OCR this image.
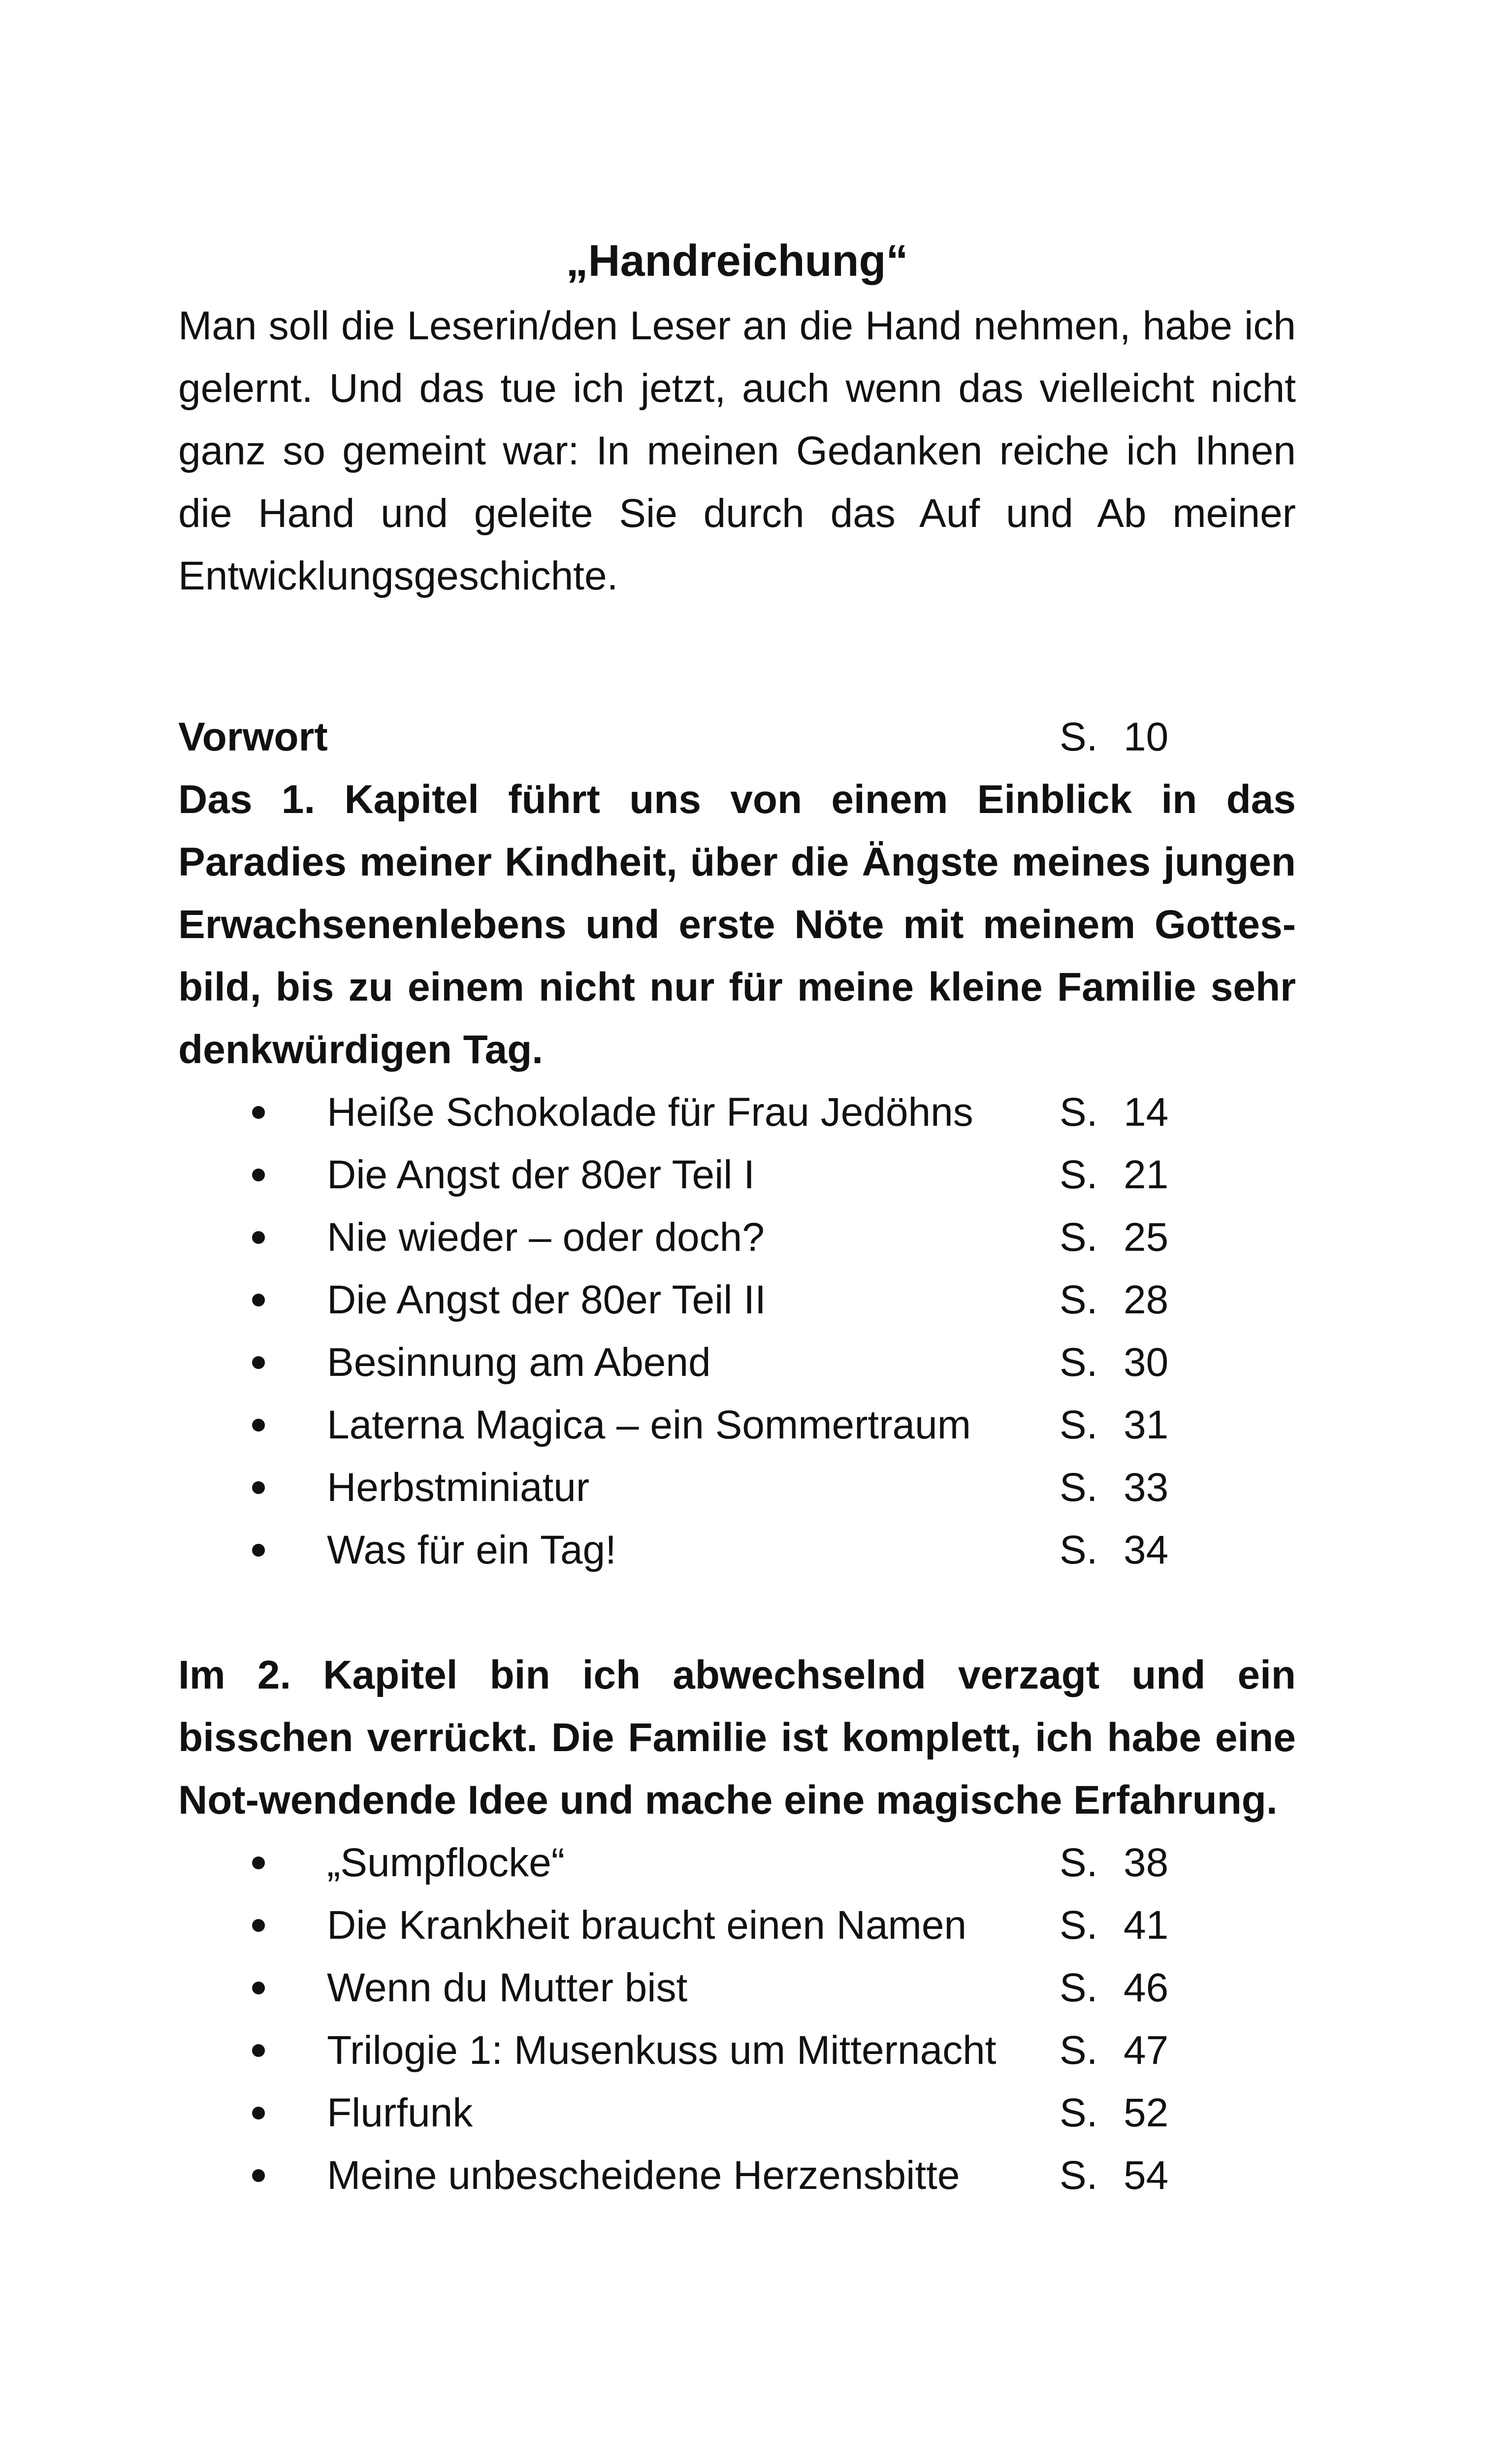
„Handreichung“

Man soll die Leserin/den Leser an die Hand nehmen, habe ich gelernt. Und das tue ich jetzt, auch wenn das vielleicht nicht ganz so gemeint war: In meinen Gedanken reiche ich Ihnen die Hand und geleite Sie durch das Auf und Ab meiner Entwicklungsgeschichte.

Vorwort	S. 10

Das 1. Kapitel führt uns von einem Einblick in das Paradies meiner Kindheit, über die Ängste meines jungen Erwachsenenlebens und erste Nöte mit meinem Gottes-bild, bis zu einem nicht nur für meine kleine Familie sehr denkwürdigen Tag.

Heiße Schokolade für Frau Jedöhns S. 14
Die Angst der 80er Teil I	S. 21
Nie wieder – oder doch?	S. 25
Die Angst der 80er Teil II	S. 28
Besinnung am Abend	S. 30
Laterna Magica – ein Sommertraum S. 31
Herbstminiatur	S. 33
Was für ein Tag!	S. 34

Im 2. Kapitel bin ich abwechselnd verzagt und ein bisschen verrückt. Die Familie ist komplett, ich habe eine Not-wendende Idee und mache eine magische Erfahrung.

„Sumpflocke“	S. 38
Die Krankheit braucht einen Namen S. 41
Wenn du Mutter bist	S. 46
Trilogie 1: Musenkuss um Mitternacht S. 47
Flurfunk	S. 52
Meine unbescheidene Herzensbitte S. 54
